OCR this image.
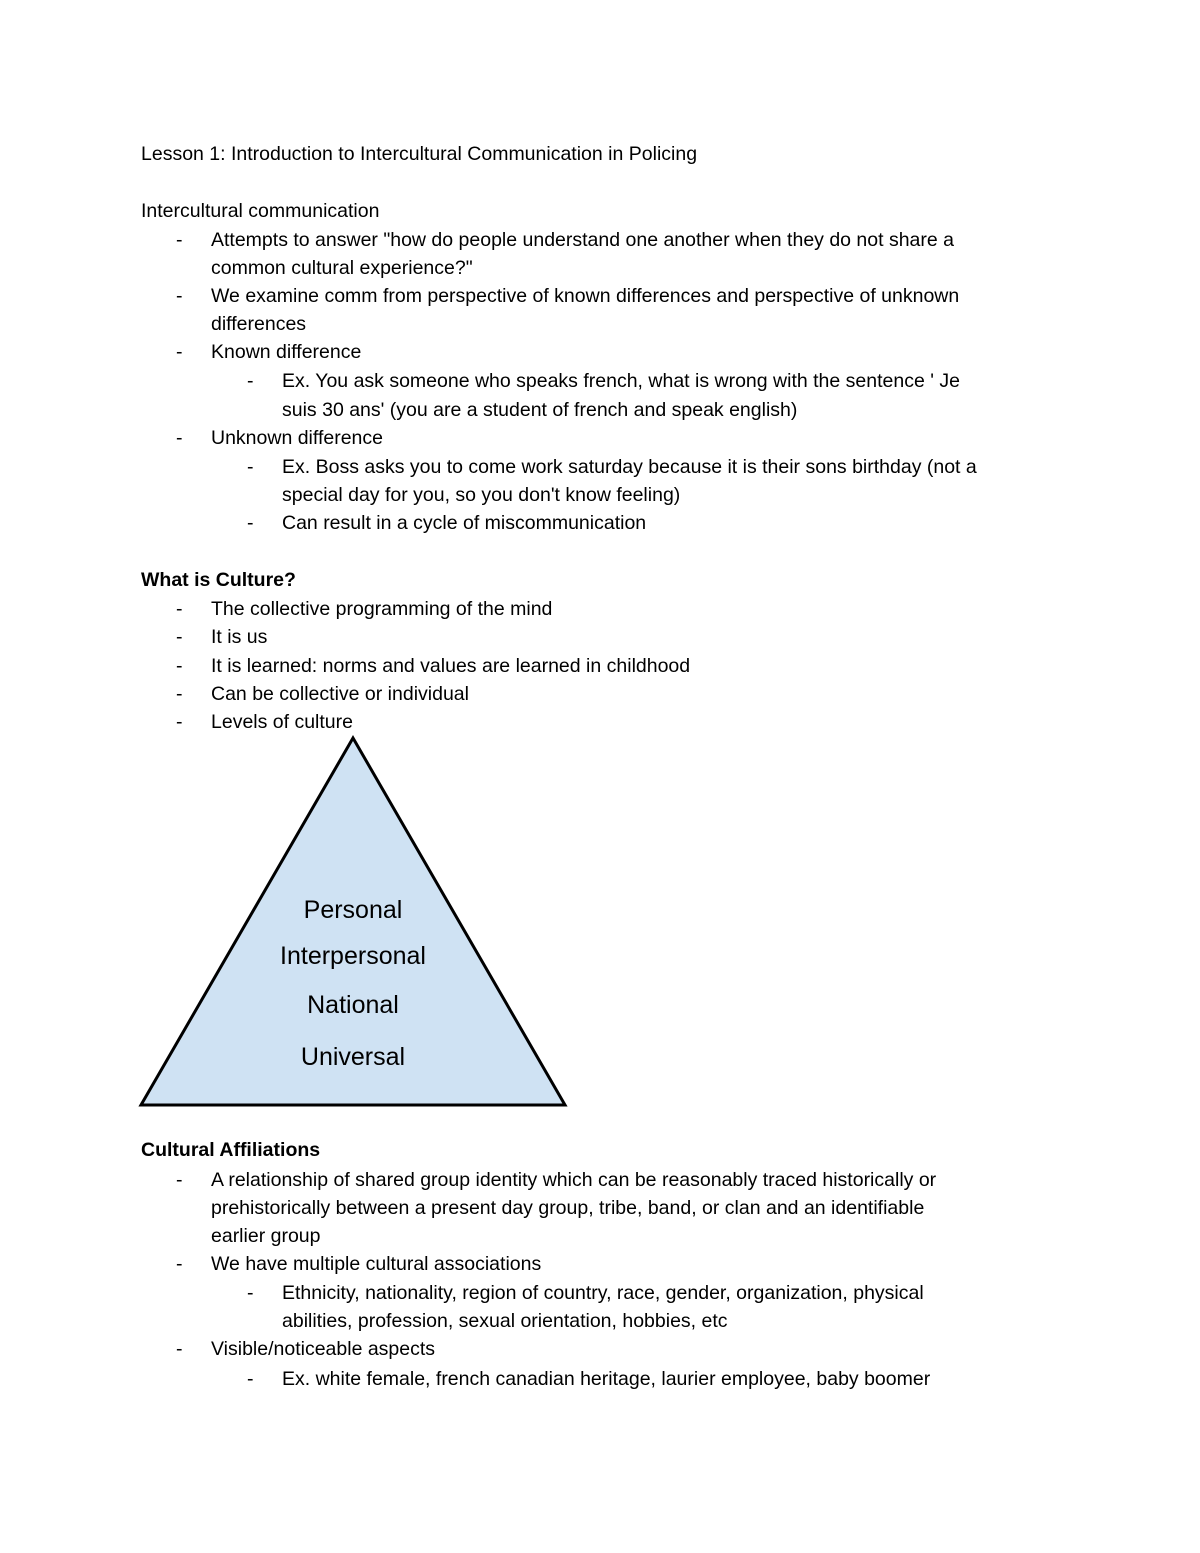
Lesson 1: Introduction to Intercultural Communication in Policing
Intercultural communication
- Attempts to answer "how do people understand one another when they do not share a
common cultural experience?"
- We examine comm from perspective of known differences and perspective of unknown
differences
- Known difference
- Ex. You ask someone who speaks french, what is wrong with the sentence ' Je
suis 30 ans' (you are a student of french and speak english)
- Unknown difference
- Ex. Boss asks you to come work saturday because it is their sons birthday (not a
special day for you, so you don't know feeling)
- Can result in a cycle of miscommunication
What is Culture?
- The collective programming of the mind
- It is us
- It is learned: norms and values are learned in childhood
- Can be collective or individual
- Levels of culture
Personal
Interpersonal
National
Universal
Cultural Affiliations
- A relationship of shared group identity which can be reasonably traced historically or
prehistorically between a present day group, tribe, band, or clan and an identifiable
earlier group
- We have multiple cultural associations
- Ethnicity, nationality, region of country, race, gender, organization, physical
abilities, profession, sexual orientation, hobbies, etc
- Visible/noticeable aspects
- Ex. white female, french canadian heritage, laurier employee, baby boomer
